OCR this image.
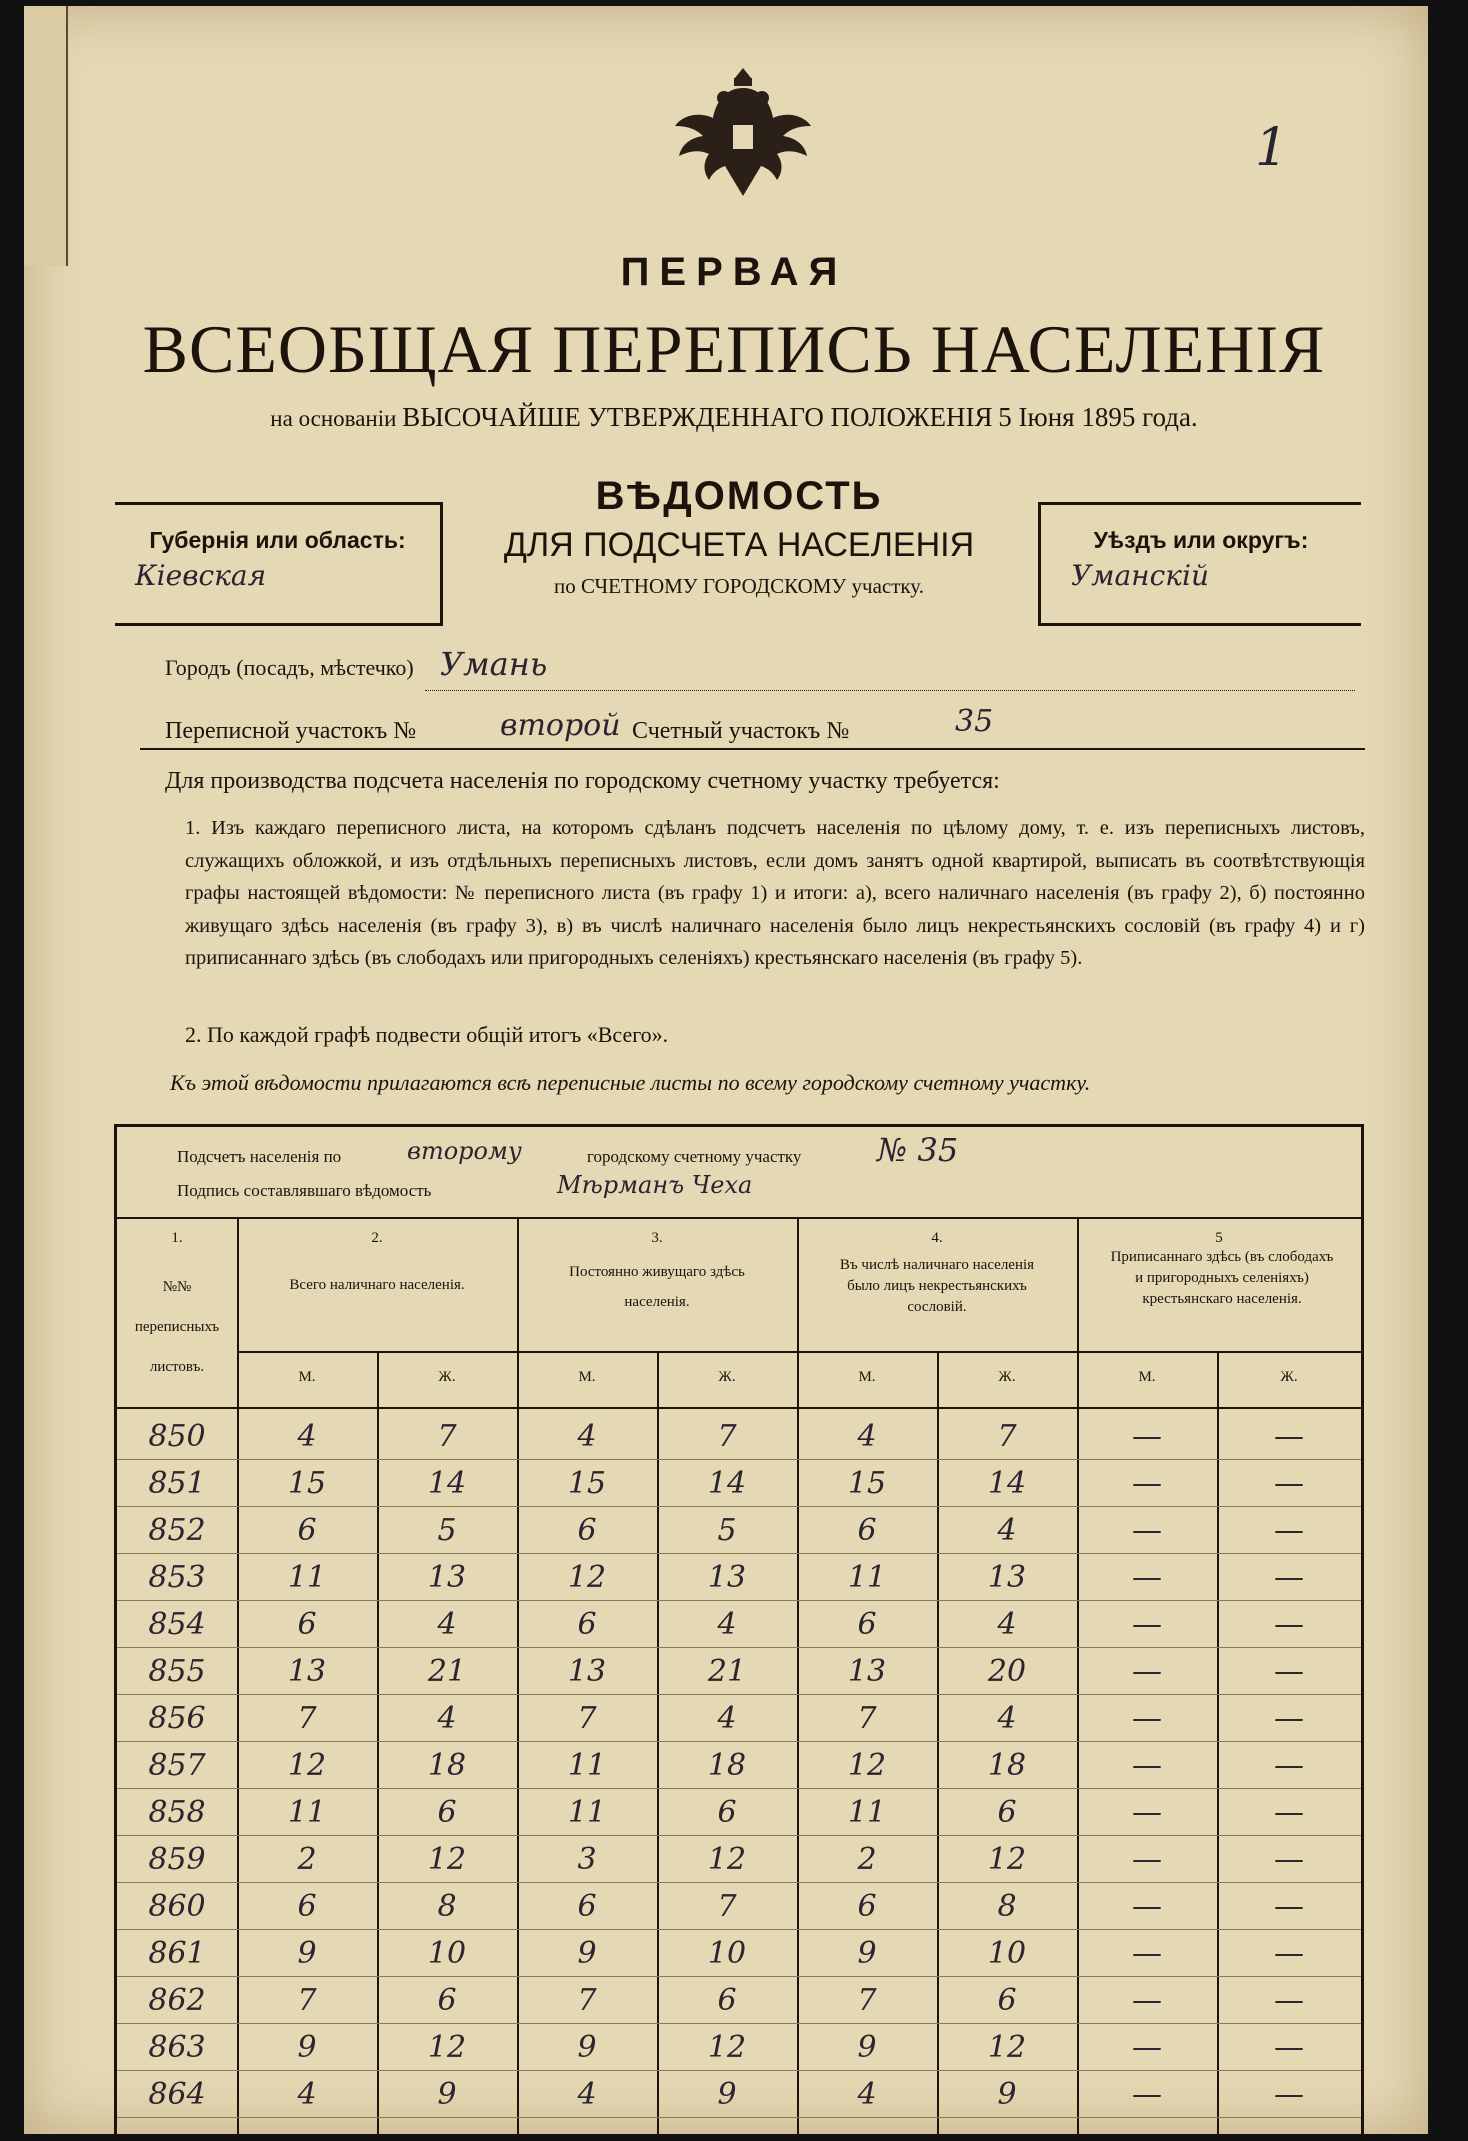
1
ПЕРВАЯ
ВСЕОБЩАЯ ПЕРЕПИСЬ НАСЕЛЕНІЯ
на основаніи ВЫСОЧАЙШЕ УТВЕРЖДЕННАГО ПОЛОЖЕНІЯ 5 Іюня 1895 года.
Губернія или область:
Кіевская
ВѢДОМОСТЬ
ДЛЯ ПОДСЧЕТА НАСЕЛЕНІЯ
по СЧЕТНОМУ ГОРОДСКОМУ участку.
Уѣздъ или округъ:
Уманскій
Городъ (посадъ, мѣстечко) Умань
Переписной участокъ №	второй Счетный участокъ №	35
Для производства подсчета населенія по городскому счетному участку требуется:
1. Изъ каждаго переписного листа, на которомъ сдѣланъ подсчетъ населенія по цѣлому дому, т. е. изъ переписныхъ листовъ, служащихъ обложкой, и изъ отдѣльныхъ переписныхъ листовъ, если домъ занятъ одной квартирой, выписать въ соотвѣтствующія графы настоящей вѣдомости: № переписного листа (въ графу 1) и итоги: а), всего наличнаго населенія (въ графу 2), б) постоянно живущаго здѣсь населенія (въ графу 3), в) въ числѣ наличнаго населенія было лицъ некрестьянскихъ сословій (въ графу 4) и г) приписаннаго здѣсь (въ слободахъ или пригородныхъ селеніяхъ) крестьянскаго населенія (въ графу 5).
2. По каждой графѣ подвести общій итогъ «Всего».
Къ этой вѣдомости прилагаются всѣ переписные листы по всему городскому счетному участку.
Подсчетъ населенія по	второму	городскому счетному участку № 35
Подпись составлявшаго вѣдомость	Мѣрманъ Чеха
1.	2.	3.	4.	5
№№ переписныхъ листовъ.
Всего наличнаго населенія.
Постоянно живущаго здѣсь населенія.
Въ числѣ наличнаго населенія было лицъ некрестьянскихъ сословій.
Приписаннаго здѣсь (въ слободахъ и пригородныхъ селеніяхъ) крестьянскаго населенія.
М.	Ж.	М.	Ж.	М.	Ж.	М.	Ж.
850	4	7	4	7	4	7	—	—
851	15	14	15	14	15	14	—	—
852	6	5	6	5	6	4	—	—
853	11	13	12	13	11	13	—	—
854	6	4	6	4	6	4	—	—
855	13	21	13	21	13	20	—	—
856	7	4	7	4	7	4	—	—
857	12	18	11	18	12	18	—	—
858	11	6	11	6	11	6	—	—
859	2	12	3	12	2	12	—	—
860	6	8	6	7	6	8	—	—
861	9	10	9	10	9	10	—	—
862	7	6	7	6	7	6	—	—
863	9	12	9	12	9	12	—	—
864	4	9	4	9	4	9	—	—
